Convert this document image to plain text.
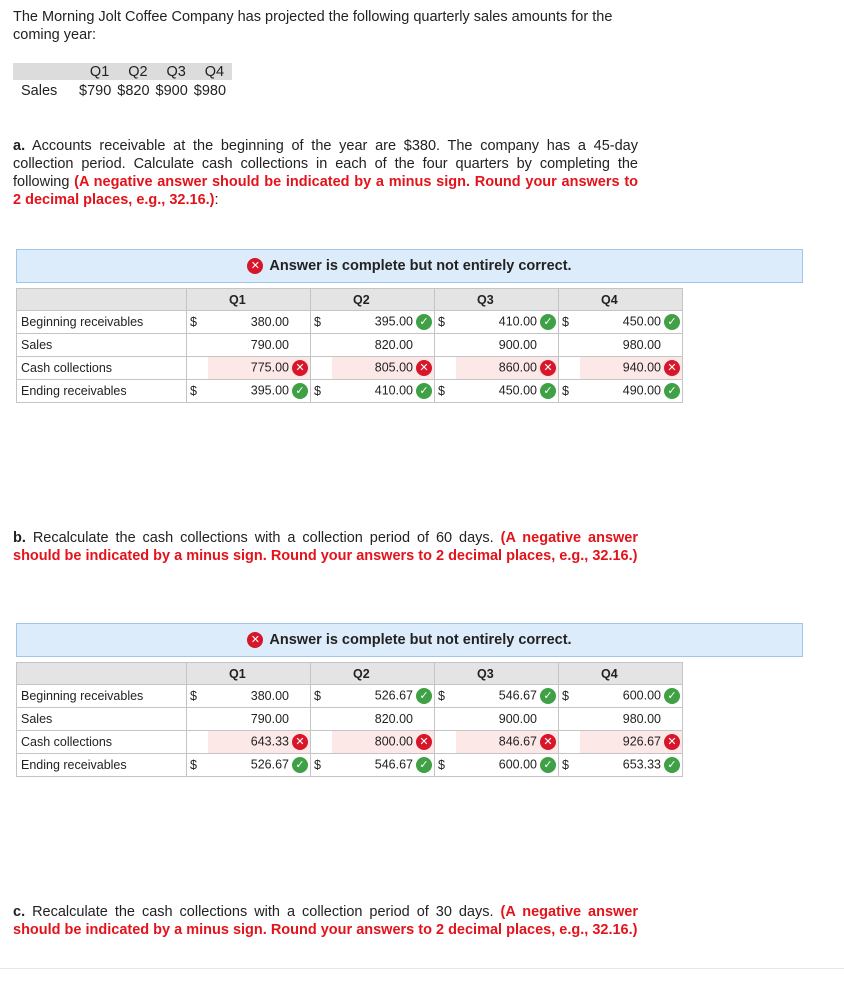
The Morning Jolt Coffee Company has projected the following quarterly sales amounts for the coming year:
	Q1	Q2	Q3	Q4
Sales	$790	$820	$900	$980
a. Accounts receivable at the beginning of the year are $380. The company has a 45-day collection period. Calculate cash collections in each of the four quarters by completing the following (A negative answer should be indicated by a minus sign. Round your answers to 2 decimal places, e.g., 32.16.):
✕ Answer is complete but not entirely correct.
	Q1		Q2		Q3		Q4	
Beginning receivables	$	380.00	$	395.00 ✓	$	410.00 ✓	$	450.00 ✓
Sales		790.00		820.00		900.00		980.00
Cash collections		775.00 ✕		805.00 ✕		860.00 ✕		940.00 ✕
Ending receivables	$	395.00 ✓	$	410.00 ✓	$	450.00 ✓	$	490.00 ✓
b. Recalculate the cash collections with a collection period of 60 days. (A negative answer should be indicated by a minus sign. Round your answers to 2 decimal places, e.g., 32.16.)
✕ Answer is complete but not entirely correct.
	Q1		Q2		Q3		Q4	
Beginning receivables	$	380.00	$	526.67 ✓	$	546.67 ✓	$	600.00 ✓
Sales		790.00		820.00		900.00		980.00
Cash collections		643.33 ✕		800.00 ✕		846.67 ✕		926.67 ✕
Ending receivables	$	526.67 ✓	$	546.67 ✓	$	600.00 ✓	$	653.33 ✓
c. Recalculate the cash collections with a collection period of 30 days. (A negative answer should be indicated by a minus sign. Round your answers to 2 decimal places, e.g., 32.16.)
